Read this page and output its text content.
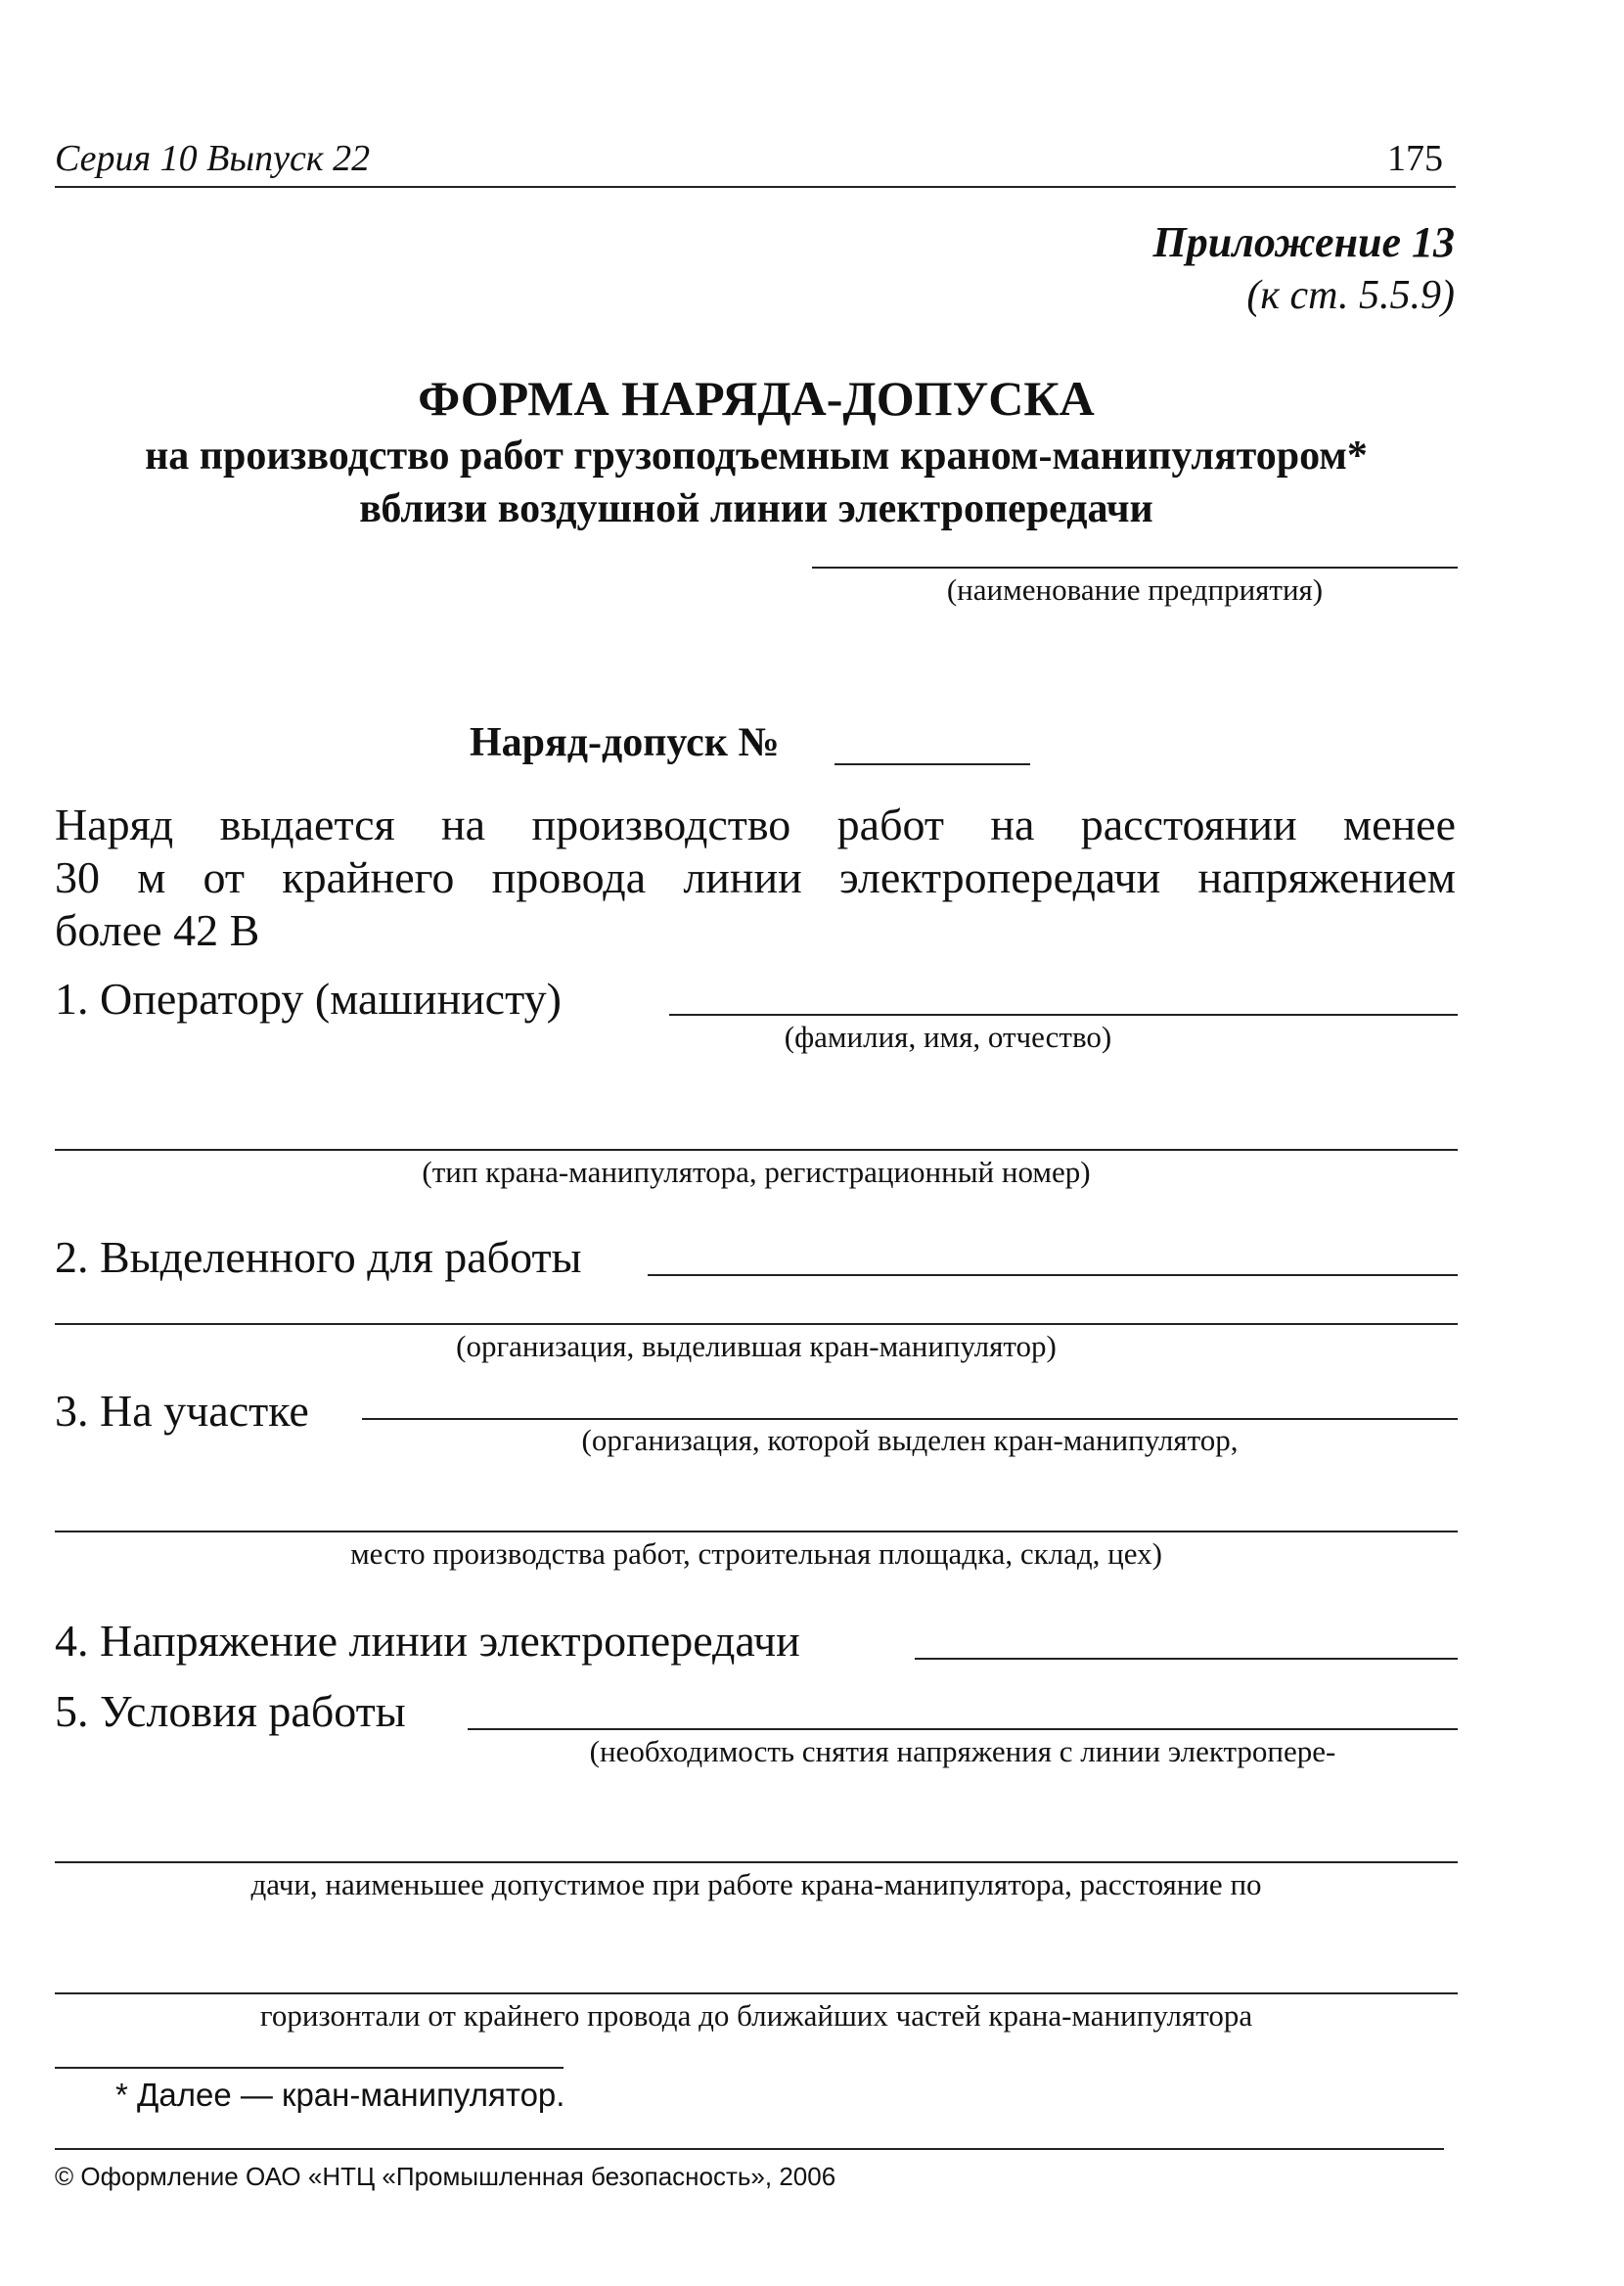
Серия 10 Выпуск 22	175
Приложение 13
(к ст. 5.5.9)
ФОРМА НАРЯДА-ДОПУСКА
на производство работ грузоподъемным краном-манипулятором*
вблизи воздушной линии электропередачи
(наименование предприятия)
Наряд-допуск №
Наряд выдается на производство работ на расстоянии менее
30 м от крайнего провода линии электропередачи напряжением
более 42 В
1. Оператору (машинисту)
(фамилия, имя, отчество)
(тип крана-манипулятора, регистрационный номер)
2. Выделенного для работы
(организация, выделившая кран-манипулятор)
3. На участке
(организация, которой выделен кран-манипулятор,
место производства работ, строительная площадка, склад, цех)
4. Напряжение линии электропередачи
5. Условия работы
(необходимость снятия напряжения с линии электропере-
дачи, наименьшее допустимое при работе крана-манипулятора, расстояние по
горизонтали от крайнего провода до ближайших частей крана-манипулятора
* Далее — кран-манипулятор.
© Оформление ОАО «НТЦ «Промышленная безопасность», 2006
